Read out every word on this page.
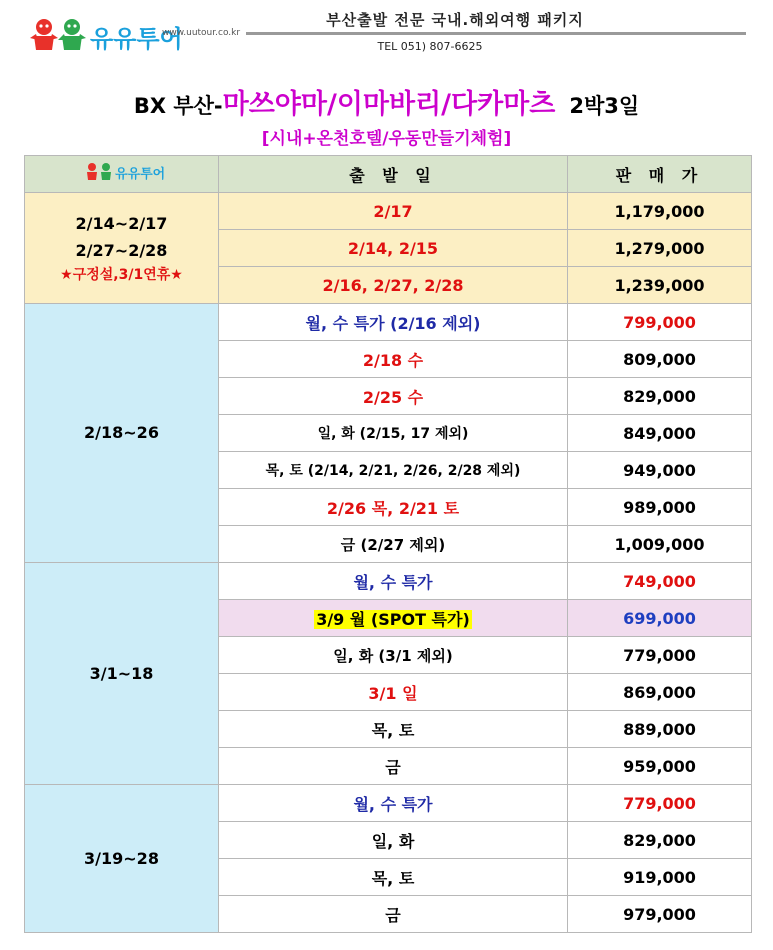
유유투어
www.uutour.co.kr
부산출발 전문 국내.해외여행 패키지
TEL 051) 807-6625
BX 부산-마쓰야마/이마바리/다카마츠 2박3일
[시내+온천호텔/우동만들기체험]
유유투어	출 발 일	판 매 가
2/14~2/17
2/27~2/28
★구정설,3/1연휴★	2/17	1,179,000
	2/14, 2/15	1,279,000
	2/16, 2/27, 2/28	1,239,000
2/18~26	월, 수 특가 (2/16 제외)	799,000
	2/18 수	809,000
	2/25 수	829,000
	일, 화 (2/15, 17 제외)	849,000
	목, 토 (2/14, 2/21, 2/26, 2/28 제외)	949,000
	2/26 목, 2/21 토	989,000
	금 (2/27 제외)	1,009,000
3/1~18	월, 수 특가	749,000
	3/9 월 (SPOT 특가)	699,000
	일, 화 (3/1 제외)	779,000
	3/1 일	869,000
	목, 토	889,000
	금	959,000
3/19~28	월, 수 특가	779,000
	일, 화	829,000
	목, 토	919,000
	금	979,000
